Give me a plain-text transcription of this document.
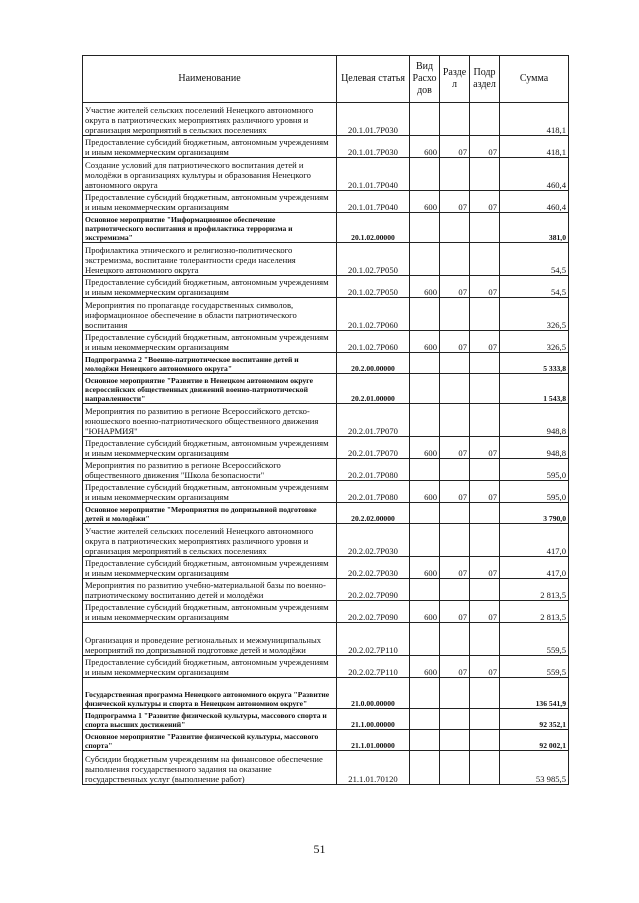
Наименование	Целевая статья	Вид Расхо дов	Разде л	Подр аздел	Сумма
Участие жителей сельских поселений Ненецкого автономного округа в патриотических мероприятиях различного уровня и организация мероприятий в сельских поселениях	20.1.01.7Р030				418,1
Предоставление субсидий бюджетным, автономным учреждениям и иным некоммерческим организациям	20.1.01.7Р030	600	07	07	418,1
Создание условий для патриотического воспитания детей и молодёжи в организациях культуры и образования Ненецкого автономного округа	20.1.01.7Р040				460,4
Предоставление субсидий бюджетным, автономным учреждениям и иным некоммерческим организациям	20.1.01.7Р040	600	07	07	460,4
Основное мероприятие "Информационное обеспечение патриотического воспитания и профилактика терроризма и экстремизма"	20.1.02.00000				381,0
Профилактика этнического и религиозно-политического экстремизма, воспитание толерантности среди населения Ненецкого автономного округа	20.1.02.7Р050				54,5
Предоставление субсидий бюджетным, автономным учреждениям и иным некоммерческим организациям	20.1.02.7Р050	600	07	07	54,5
Мероприятия по пропаганде государственных символов, информационное обеспечение в области патриотического воспитания	20.1.02.7Р060				326,5
Предоставление субсидий бюджетным, автономным учреждениям и иным некоммерческим организациям	20.1.02.7Р060	600	07	07	326,5
Подпрограмма 2 "Военно-патриотическое воспитание детей и молодёжи Ненецкого автономного округа"	20.2.00.00000				5 333,8
Основное мероприятие "Развитие в Ненецком автономном округе всероссийских общественных движений военно-патриотической направленности"	20.2.01.00000				1 543,8
Мероприятия по развитию в регионе Всероссийского детско-юношеского военно-патриотического общественного движения "ЮНАРМИЯ"	20.2.01.7Р070				948,8
Предоставление субсидий бюджетным, автономным учреждениям и иным некоммерческим организациям	20.2.01.7Р070	600	07	07	948,8
Мероприятия по развитию в регионе Всероссийского общественного движения "Школа безопасности"	20.2.01.7Р080				595,0
Предоставление субсидий бюджетным, автономным учреждениям и иным некоммерческим организациям	20.2.01.7Р080	600	07	07	595,0
Основное мероприятие "Мероприятия по допризывной подготовке детей и молодёжи"	20.2.02.00000				3 790,0
Участие жителей сельских поселений Ненецкого автономного округа в патриотических мероприятиях различного уровня и организация мероприятий в сельских поселениях	20.2.02.7Р030				417,0
Предоставление субсидий бюджетным, автономным учреждениям и иным некоммерческим организациям	20.2.02.7Р030	600	07	07	417,0
Мероприятия по развитию учебно-материальной базы по военно-патриотическому воспитанию детей и молодёжи	20.2.02.7Р090				2 813,5
Предоставление субсидий бюджетным, автономным учреждениям и иным некоммерческим организациям	20.2.02.7Р090	600	07	07	2 813,5
Организация и проведение региональных и межмуниципальных мероприятий по допризывной подготовке детей и молодёжи	20.2.02.7Р110				559,5
Предоставление субсидий бюджетным, автономным учреждениям и иным некоммерческим организациям	20.2.02.7Р110	600	07	07	559,5
Государственная программа Ненецкого автономного округа "Развитие физической культуры и спорта в Ненецком автономном округе"	21.0.00.00000				136 541,9
Подпрограмма 1 "Развитие физической культуры, массового спорта и спорта высших достижений"	21.1.00.00000				92 352,1
Основное мероприятие "Развитие физической культуры, массового спорта"	21.1.01.00000				92 002,1
Субсидии бюджетным учреждениям на финансовое обеспечение выполнения государственного задания на оказание государственных услуг (выполнение работ)	21.1.01.70120				53 985,5
51
